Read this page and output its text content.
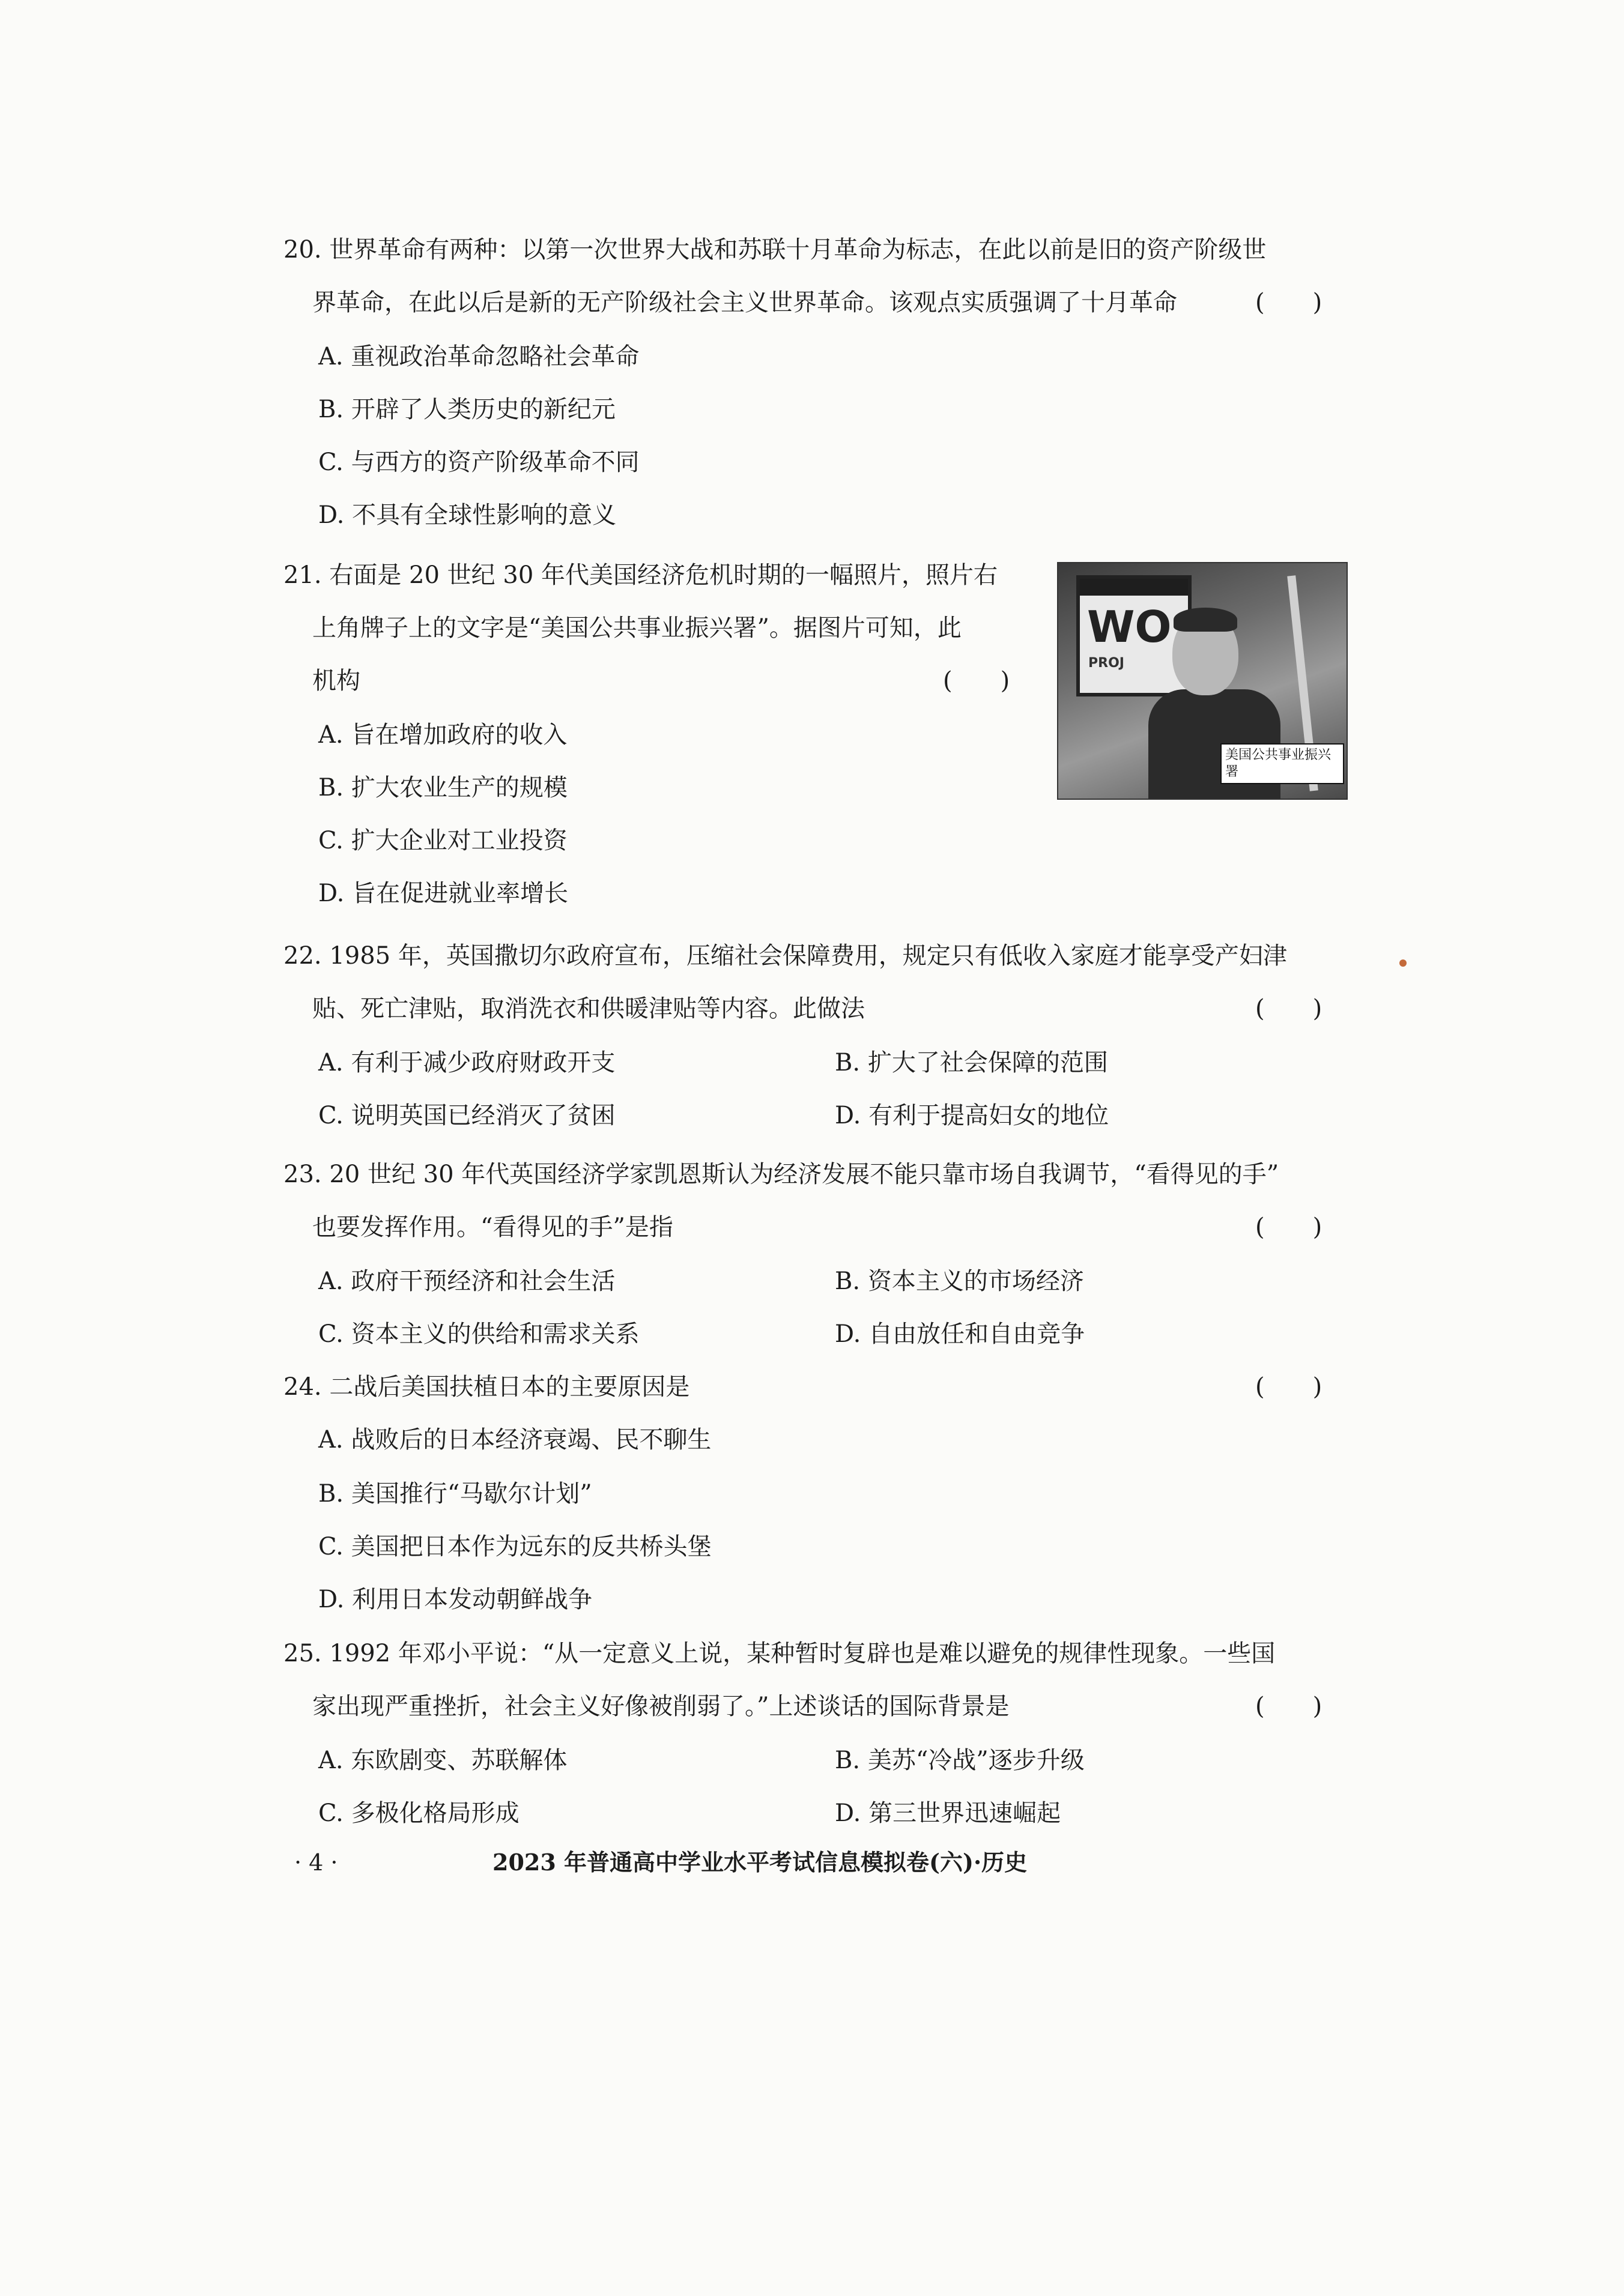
20. 世界革命有两种：以第一次世界大战和苏联十月革命为标志，在此以前是旧的资产阶级世
界革命，在此以后是新的无产阶级社会主义世界革命。该观点实质强调了十月革命	(　　)
A. 重视政治革命忽略社会革命
B. 开辟了人类历史的新纪元
C. 与西方的资产阶级革命不同
D. 不具有全球性影响的意义
21. 右面是 20 世纪 30 年代美国经济危机时期的一幅照片，照片右
上角牌子上的文字是“美国公共事业振兴署”。据图片可知，此
机构	(　　)
A. 旨在增加政府的收入
B. 扩大农业生产的规模
C. 扩大企业对工业投资
D. 旨在促进就业率增长
WO
PROJ
美国公共事业振兴署
22. 1985 年，英国撒切尔政府宣布，压缩社会保障费用，规定只有低收入家庭才能享受产妇津
贴、死亡津贴，取消洗衣和供暖津贴等内容。此做法	(　　)
A. 有利于减少政府财政开支	B. 扩大了社会保障的范围
C. 说明英国已经消灭了贫困	D. 有利于提高妇女的地位
23. 20 世纪 30 年代英国经济学家凯恩斯认为经济发展不能只靠市场自我调节，“看得见的手”
也要发挥作用。“看得见的手”是指	(　　)
A. 政府干预经济和社会生活	B. 资本主义的市场经济
C. 资本主义的供给和需求关系	D. 自由放任和自由竞争
24. 二战后美国扶植日本的主要原因是	(　　)
A. 战败后的日本经济衰竭、民不聊生
B. 美国推行“马歇尔计划”
C. 美国把日本作为远东的反共桥头堡
D. 利用日本发动朝鲜战争
25. 1992 年邓小平说：“从一定意义上说，某种暂时复辟也是难以避免的规律性现象。一些国
家出现严重挫折，社会主义好像被削弱了。”上述谈话的国际背景是	(　　)
A. 东欧剧变、苏联解体	B. 美苏“冷战”逐步升级
C. 多极化格局形成	D. 第三世界迅速崛起
· 4 ·	2023 年普通高中学业水平考试信息模拟卷(六)·历史
